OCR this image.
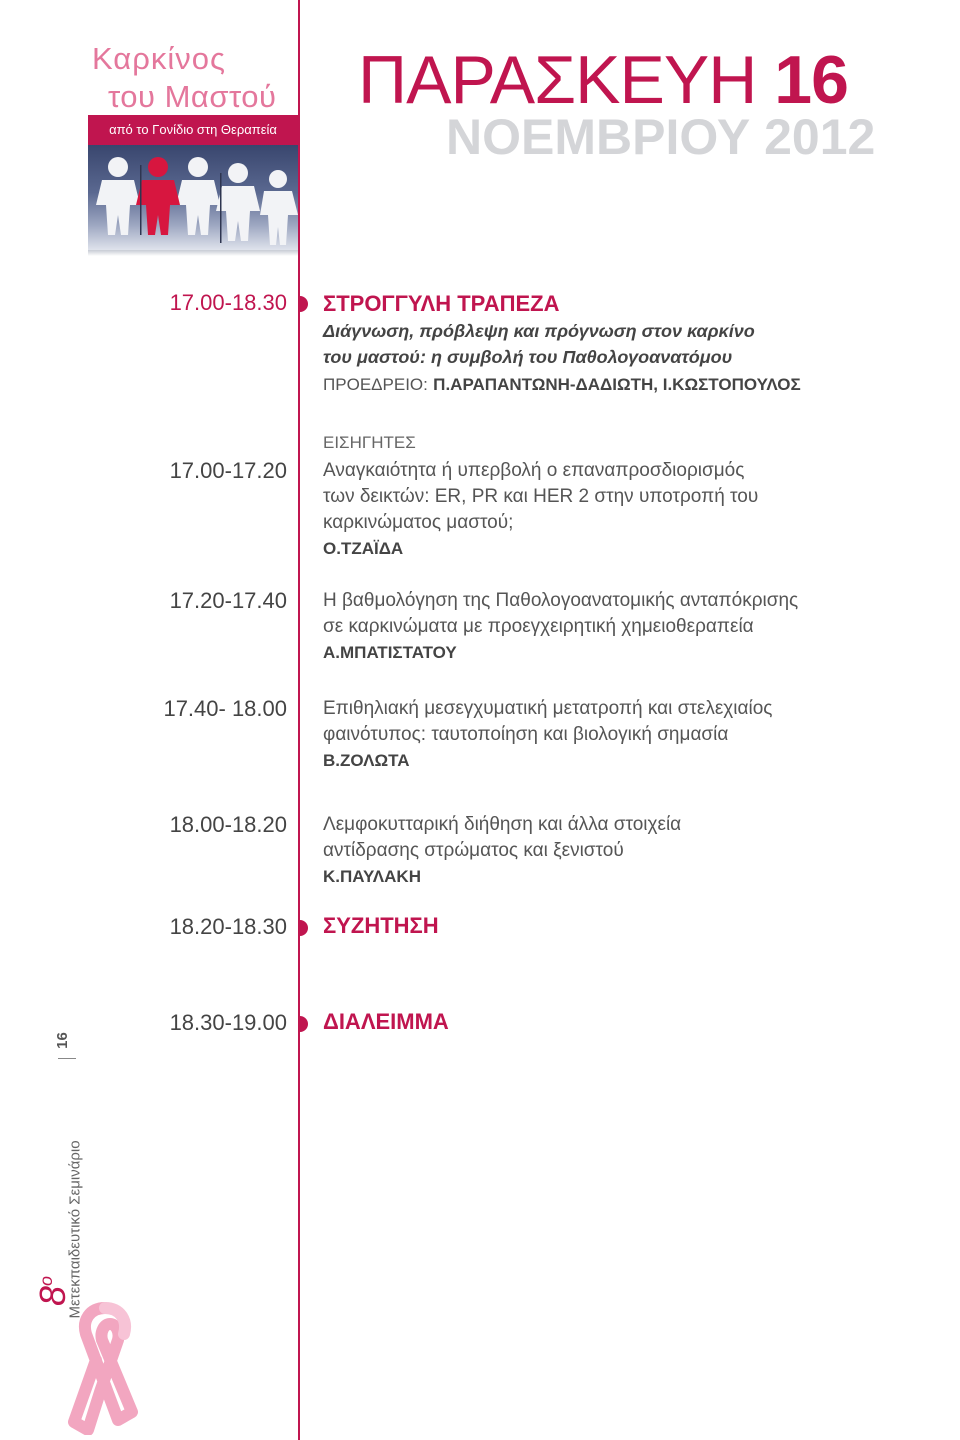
Καρκίνος
του Μαστού
από το Γονίδιο στη Θεραπεία
ΠΑΡΑΣΚΕΥΗ 16
ΝΟΕΜΒΡΙΟΥ 2012
17.00-18.30 ΣΤΡΟΓΓΥΛΗ ΤΡΑΠΕΖΑ
Διάγνωση, πρόβλεψη και πρόγνωση στον καρκίνο
του μαστού: η συμβολή του Παθολογοανατόμου
ΠΡΟΕΔΡΕΙΟ: Π.ΑΡΑΠΑΝΤΩΝΗ-ΔΑΔΙΩΤΗ, Ι.ΚΩΣΤΟΠΟΥΛΟΣ
ΕΙΣΗΓΗΤΕΣ
17.00-17.20 Αναγκαιότητα ή υπερβολή ο επαναπροσδιορισμός
των δεικτών: ER, PR και HER 2 στην υποτροπή του
καρκινώματος μαστού;
Ο.ΤΖΑΪΔΑ
17.20-17.40 Η βαθμολόγηση της Παθολογοανατομικής ανταπόκρισης
σε καρκινώματα με προεγχειρητική χημειοθεραπεία
Α.ΜΠΑΤΙΣΤΑΤΟΥ
17.40- 18.00 Επιθηλιακή μεσεγχυματική μετατροπή και στελεχιαίος
φαινότυπος: ταυτοποίηση και βιολογική σημασία
Β.ΖΟΛΩΤΑ
18.00-18.20 Λεμφοκυτταρική διήθηση και άλλα στοιχεία
αντίδρασης στρώματος και ξενιστού
Κ.ΠΑΥΛΑΚΗ
18.20-18.30 ΣΥΖΗΤΗΣΗ
18.30-19.00 ΔΙΑΛΕΙΜΜΑ
16
Μετεκπαιδευτικό Σεμινάριο
$8^o$
